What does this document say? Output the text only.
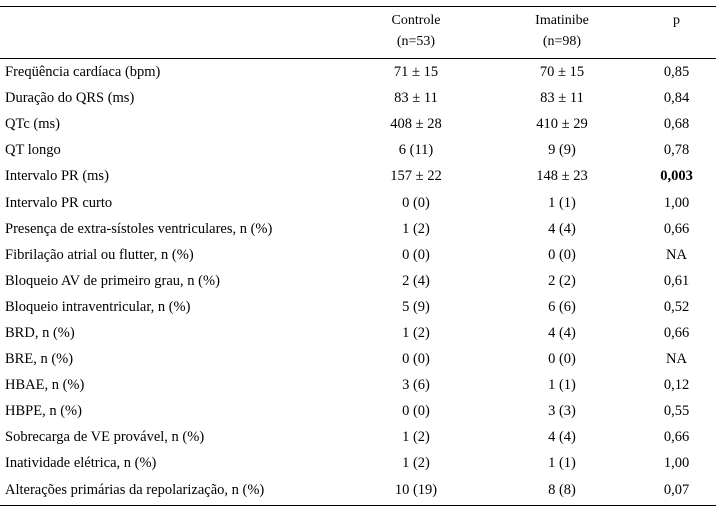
	Controle	Imatinibe	p
	(n=53)	(n=98)	
Freqüência cardíaca (bpm)	71 ± 15	70 ± 15	0,85
Duração do QRS (ms)	83 ± 11	83 ± 11	0,84
QTc (ms)	408 ± 28	410 ± 29	0,68
QT longo	6 (11)	9 (9)	0,78
Intervalo PR (ms)	157 ± 22	148 ± 23	0,003
Intervalo PR curto	0 (0)	1 (1)	1,00
Presença de extra-sístoles ventriculares, n (%)	1 (2)	4 (4)	0,66
Fibrilação atrial ou flutter, n (%)	0 (0)	0 (0)	NA
Bloqueio AV de primeiro grau, n (%)	2 (4)	2 (2)	0,61
Bloqueio intraventricular, n (%)	5 (9)	6 (6)	0,52
BRD, n (%)	1 (2)	4 (4)	0,66
BRE, n (%)	0 (0)	0 (0)	NA
HBAE, n (%)	3 (6)	1 (1)	0,12
HBPE, n (%)	0 (0)	3 (3)	0,55
Sobrecarga de VE provável, n (%)	1 (2)	4 (4)	0,66
Inatividade elétrica, n (%)	1 (2)	1 (1)	1,00
Alterações primárias da repolarização, n (%)	10 (19)	8 (8)	0,07
